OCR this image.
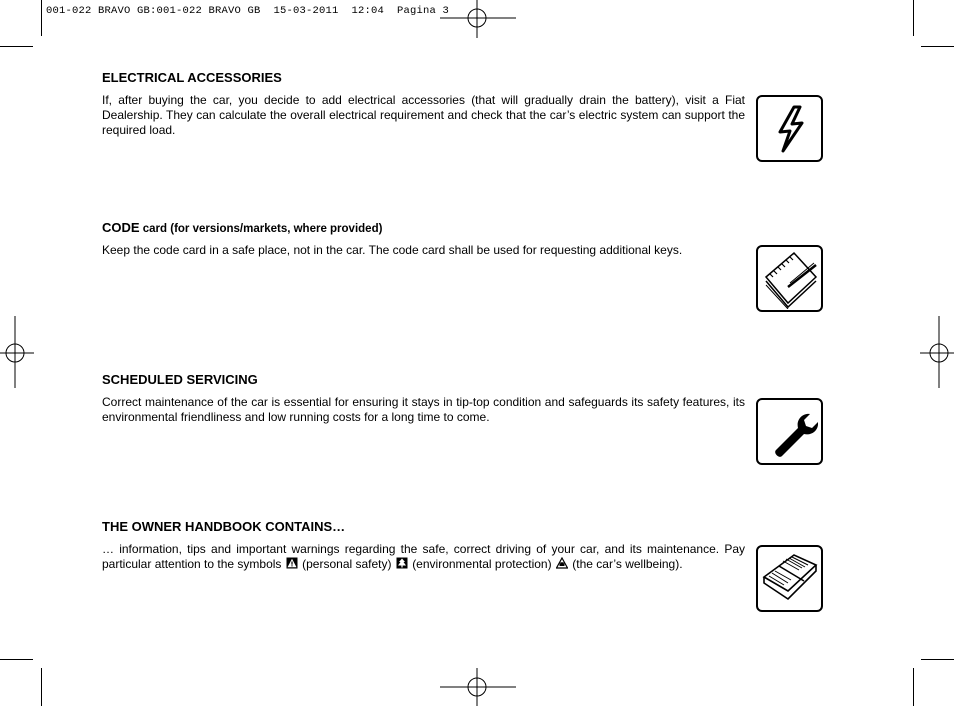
001-022 BRAVO GB:001-022 BRAVO GB  15-03-2011  12:04  Pagina 3
ELECTRICAL ACCESSORIES

If, after buying the car, you decide to add electrical accessories (that will gradually drain the battery), visit a Fiat Dealership. They can calculate the overall electrical requirement and check that the car’s electric system can support the required load.

CODE card (for versions/markets, where provided)

Keep the code card in a safe place, not in the car. The code card shall be used for requesting additional keys.

SCHEDULED SERVICING

Correct maintenance of the car is essential for ensuring it stays in tip-top condition and safeguards its safety features, its environmental friendliness and low running costs for a long time to come.

THE OWNER HANDBOOK CONTAINS…

… information, tips and important warnings regarding the safe, correct driving of your car, and its maintenance. Pay particular attention to the symbols (personal safety) (environmental protection) (the car’s wellbeing).
